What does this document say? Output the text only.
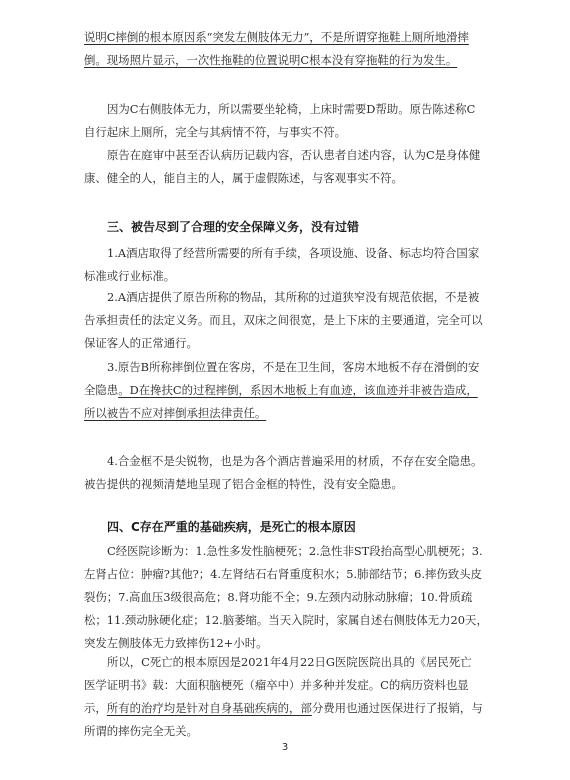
说明C摔倒的根本原因系“突发左侧肢体无力”，不是所谓穿拖鞋上厕所地滑摔

倒。现场照片显示，一次性拖鞋的位置说明C根本没有穿拖鞋的行为发生。

因为C右侧肢体无力，所以需要坐轮椅，上床时需要D帮助。原告陈述称C

自行起床上厕所，完全与其病情不符，与事实不符。

原告在庭审中甚至否认病历记载内容，否认患者自述内容，认为C是身体健

康、健全的人，能自主的人，属于虚假陈述，与客观事实不符。

三、被告尽到了合理的安全保障义务，没有过错

1.A酒店取得了经营所需要的所有手续，各项设施、设备、标志均符合国家

标准或行业标准。

2.A酒店提供了原告所称的物品，其所称的过道狭窄没有规范依据，不是被

告承担责任的法定义务。而且，双床之间很宽，是上下床的主要通道，完全可以

保证客人的正常通行。

3.原告B所称摔倒位置在客房，不是在卫生间，客房木地板不存在滑倒的安

全隐患。D在搀扶C的过程摔倒，系因木地板上有血迹，该血迹并非被告造成，

所以被告不应对摔倒承担法律责任。

4.合金框不是尖锐物，也是为各个酒店普遍采用的材质，不存在安全隐患。

被告提供的视频清楚地呈现了铝合金框的特性，没有安全隐患。

四、C存在严重的基础疾病，是死亡的根本原因

C经医院诊断为：1.急性多发性脑梗死；2.急性非ST段抬高型心肌梗死；3.

左肾占位：肿瘤?其他?；4.左肾结石右肾重度积水；5.肺部结节；6.摔伤致头皮

裂伤；7.高血压3级很高危；8.肾功能不全；9.左颈内动脉动脉瘤；10.骨质疏

松；11.颈动脉硬化症；12.脑萎缩。当天入院时，家属自述右侧肢体无力20天，

突发左侧肢体无力致摔伤12+小时。

所以，C死亡的根本原因是2021年4月22日G医院医院出具的《居民死亡

医学证明书》载：大面积脑梗死（瘤卒中）并多种并发症。C的病历资料也显

示，所有的治疗均是针对自身基础疾病的，部分费用也通过医保进行了报销，与

所谓的摔伤完全无关。

3
